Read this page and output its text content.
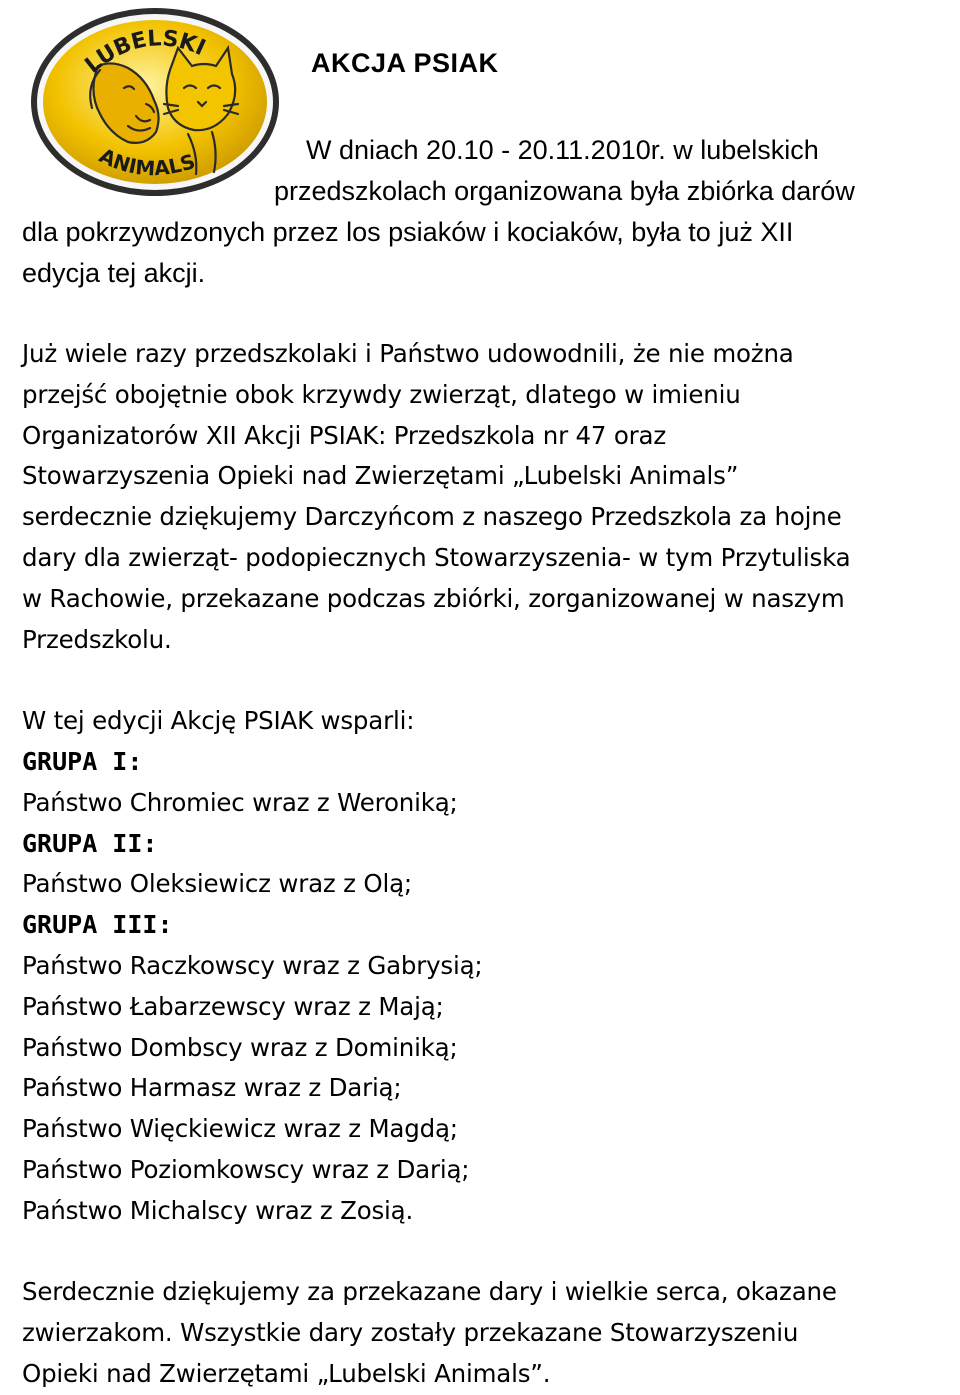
LUBELSKI
ANIMALS
AKCJA PSIAK

W dniach 20.10 - 20.11.2010r. w lubelskich
przedszkolach organizowana była zbiórka darów
dla pokrzywdzonych przez los psiaków i kociaków, była to już XII
edycja tej akcji.

Już wiele razy przedszkolaki i Państwo udowodnili, że nie można
przejść obojętnie obok krzywdy zwierząt, dlatego w imieniu
Organizatorów XII Akcji PSIAK: Przedszkola nr 47 oraz
Stowarzyszenia Opieki nad Zwierzętami „Lubelski Animals”
serdecznie dziękujemy Darczyńcom z naszego Przedszkola za hojne
dary dla zwierząt- podopiecznych Stowarzyszenia- w tym Przytuliska
w Rachowie, przekazane podczas zbiórki, zorganizowanej w naszym
Przedszkolu.
W tej edycji Akcję PSIAK wsparli:
GRUPA I:
Państwo Chromiec wraz z Weroniką;
GRUPA II:
Państwo Oleksiewicz wraz z Olą;
GRUPA III:
Państwo Raczkowscy wraz z Gabrysią;
Państwo Łabarzewscy wraz z Mają;
Państwo Dombscy wraz z Dominiką;
Państwo Harmasz wraz z Darią;
Państwo Więckiewicz wraz z Magdą;
Państwo Poziomkowscy wraz z Darią;
Państwo Michalscy wraz z Zosią.
Serdecznie dziękujemy za przekazane dary i wielkie serca, okazane
zwierzakom. Wszystkie dary zostały przekazane Stowarzyszeniu
Opieki nad Zwierzętami „Lubelski Animals”.
